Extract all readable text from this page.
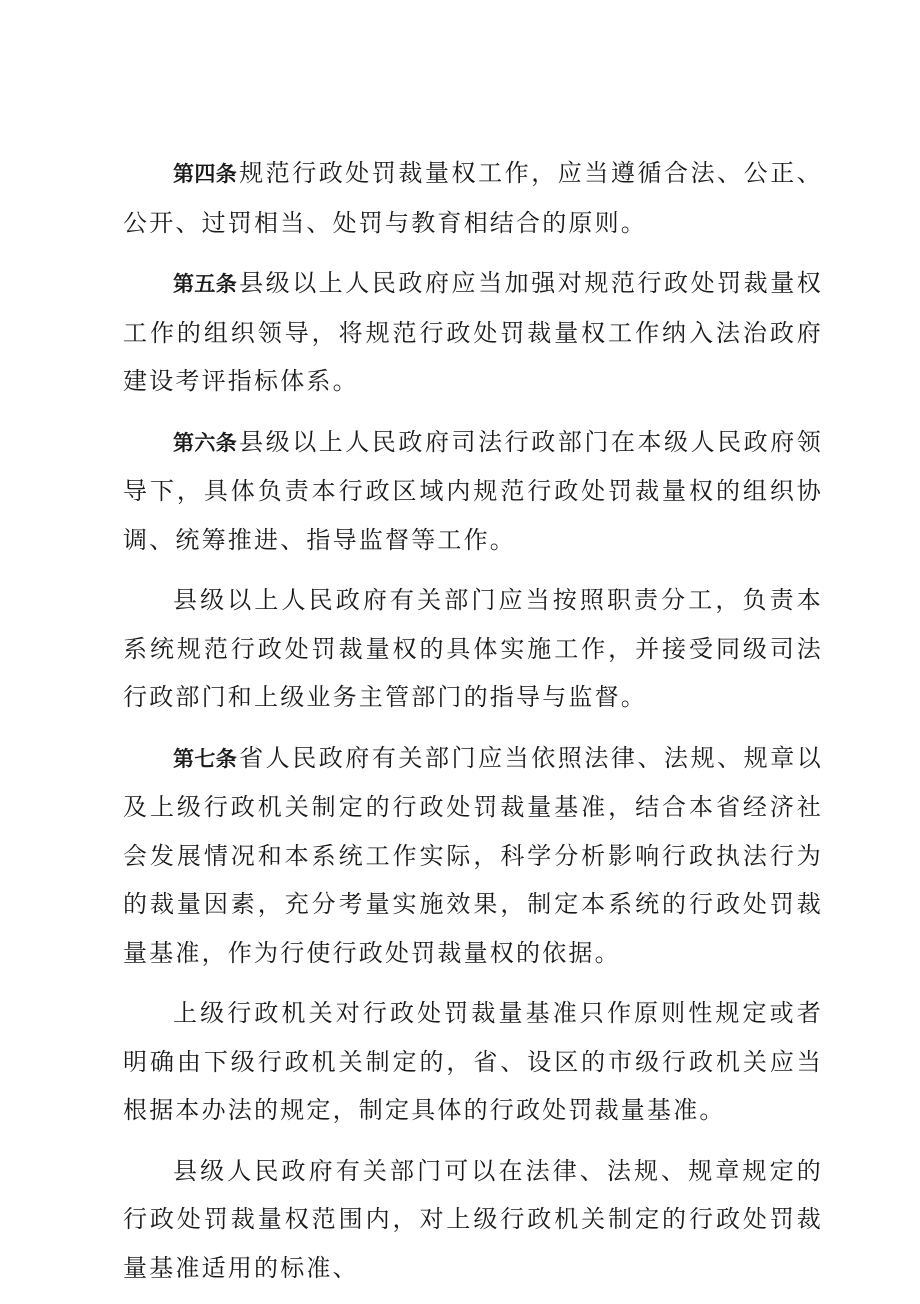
第四条规范行政处罚裁量权工作，应当遵循合法、公正、公开、过罚相当、处罚与教育相结合的原则。

第五条县级以上人民政府应当加强对规范行政处罚裁量权工作的组织领导，将规范行政处罚裁量权工作纳入法治政府建设考评指标体系。

第六条县级以上人民政府司法行政部门在本级人民政府领导下，具体负责本行政区域内规范行政处罚裁量权的组织协调、统筹推进、指导监督等工作。

县级以上人民政府有关部门应当按照职责分工，负责本系统规范行政处罚裁量权的具体实施工作，并接受同级司法行政部门和上级业务主管部门的指导与监督。

第七条省人民政府有关部门应当依照法律、法规、规章以及上级行政机关制定的行政处罚裁量基准，结合本省经济社会发展情况和本系统工作实际，科学分析影响行政执法行为的裁量因素，充分考量实施效果，制定本系统的行政处罚裁量基准，作为行使行政处罚裁量权的依据。

上级行政机关对行政处罚裁量基准只作原则性规定或者明确由下级行政机关制定的，省、设区的市级行政机关应当根据本办法的规定，制定具体的行政处罚裁量基准。

县级人民政府有关部门可以在法律、法规、规章规定的行政处罚裁量权范围内，对上级行政机关制定的行政处罚裁量基准适用的标准、
